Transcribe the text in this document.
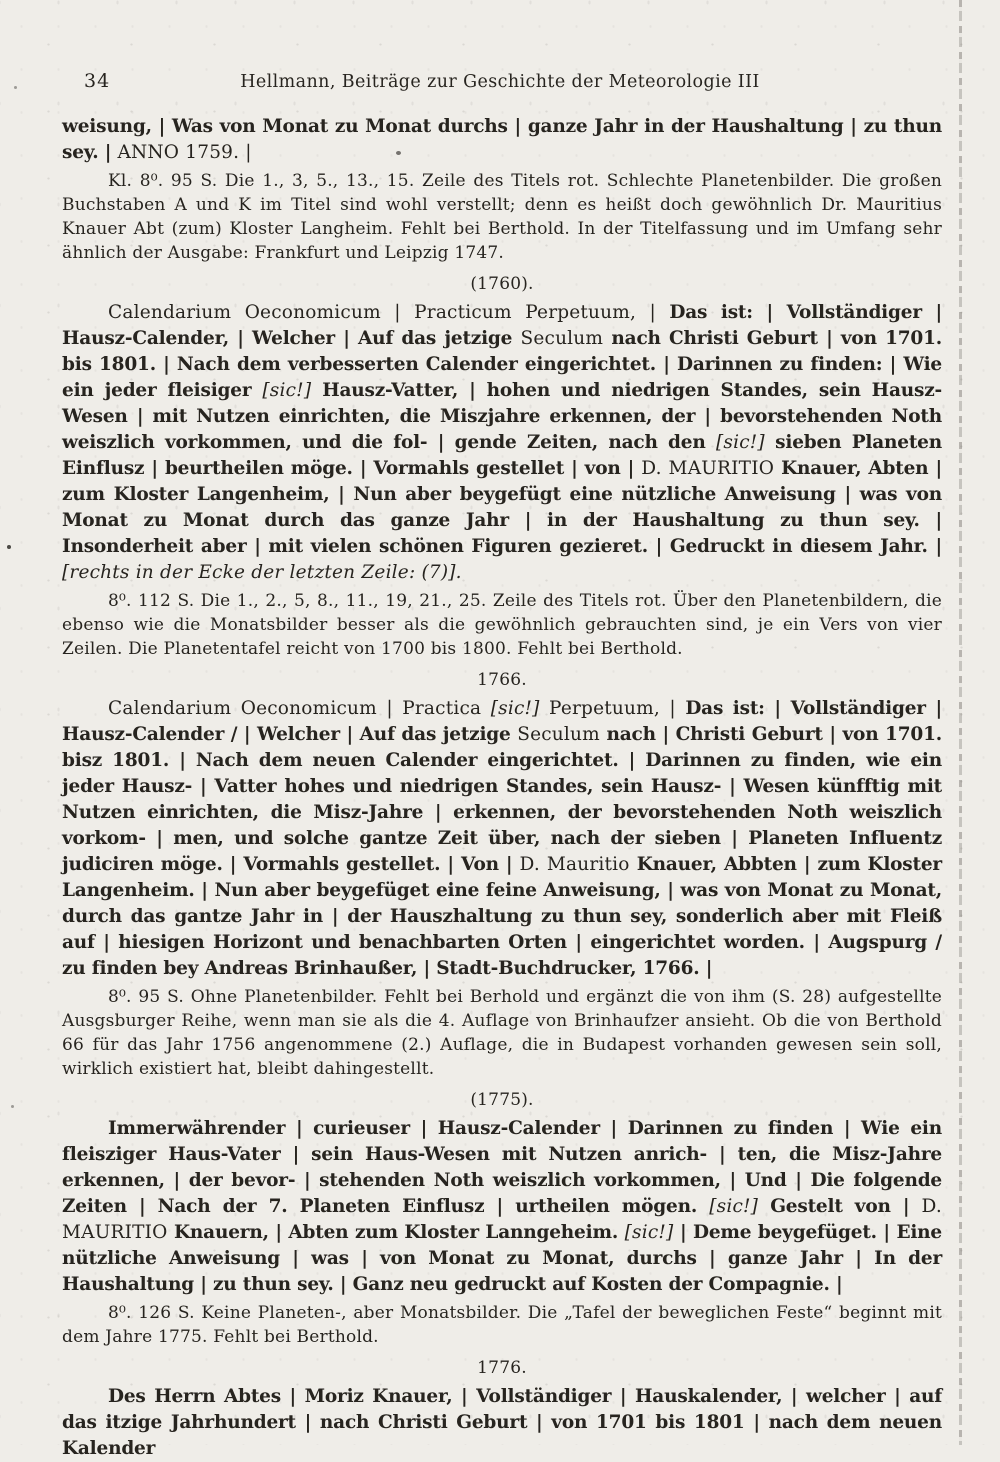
34	Hellmann, Beiträge zur Geschichte der Meteorologie III

weisung, | Was von Monat zu Monat durchs | ganze Jahr in der Haushaltung | zu thun sey. | ANNO 1759. |

Kl. 8⁰. 95 S. Die 1., 3, 5., 13., 15. Zeile des Titels rot. Schlechte Planetenbilder. Die großen Buchstaben A und K im Titel sind wohl verstellt; denn es heißt doch gewöhnlich Dr. Mauritius Knauer Abt (zum) Kloster Langheim. Fehlt bei Berthold. In der Titelfassung und im Umfang sehr ähnlich der Ausgabe: Frankfurt und Leipzig 1747.

(1760).

Calendarium Oeconomicum | Practicum Perpetuum, | Das ist: | Vollständiger | Hausz-Calender, | Welcher | Auf das jetzige Seculum nach Christi Geburt | von 1701. bis 1801. | Nach dem verbesserten Calender eingerichtet. | Darinnen zu finden: | Wie ein jeder fleisiger [sic!] Hausz-Vatter, | hohen und niedrigen Standes, sein Hausz-Wesen | mit Nutzen einrichten, die Miszjahre erkennen, der | bevorstehenden Noth weiszlich vorkommen, und die fol- | gende Zeiten, nach den [sic!] sieben Planeten Einflusz | beurtheilen möge. | Vormahls gestellet | von | D. MAURITIO Knauer, Abten | zum Kloster Langenheim, | Nun aber beygefügt eine nützliche Anweisung | was von Monat zu Monat durch das ganze Jahr | in der Haushaltung zu thun sey. | Insonderheit aber | mit vielen schönen Figuren gezieret. | Gedruckt in diesem Jahr. | [rechts in der Ecke der letzten Zeile: (7)].

8⁰. 112 S. Die 1., 2., 5, 8., 11., 19, 21., 25. Zeile des Titels rot. Über den Planetenbildern, die ebenso wie die Monatsbilder besser als die gewöhnlich gebrauchten sind, je ein Vers von vier Zeilen. Die Planetentafel reicht von 1700 bis 1800. Fehlt bei Berthold.

1766.

Calendarium Oeconomicum | Practica [sic!] Perpetuum, | Das ist: | Vollständiger | Hausz-Calender / | Welcher | Auf das jetzige Seculum nach | Christi Geburt | von 1701. bisz 1801. | Nach dem neuen Calender eingerichtet. | Darinnen zu finden, wie ein jeder Hausz- | Vatter hohes und niedrigen Standes, sein Hausz- | Wesen künfftig mit Nutzen einrichten, die Misz-Jahre | erkennen, der bevorstehenden Noth weiszlich vorkom- | men, und solche gantze Zeit über, nach der sieben | Planeten Influentz judiciren möge. | Vormahls gestellet. | Von | D. Mauritio Knauer, Abbten | zum Kloster Langenheim. | Nun aber beygefüget eine feine Anweisung, | was von Monat zu Monat, durch das gantze Jahr in | der Hauszhaltung zu thun sey, sonderlich aber mit Fleiß auf | hiesigen Horizont und benachbarten Orten | eingerichtet worden. | Augspurg / zu finden bey Andreas Brinhaußer, | Stadt-Buchdrucker, 1766. |

8⁰. 95 S. Ohne Planetenbilder. Fehlt bei Berhold und ergänzt die von ihm (S. 28) aufgestellte Ausgsburger Reihe, wenn man sie als die 4. Auflage von Brinhaufzer ansieht. Ob die von Berthold 66 für das Jahr 1756 angenommene (2.) Auflage, die in Budapest vorhanden gewesen sein soll, wirklich existiert hat, bleibt dahingestellt.

(1775).

Immerwährender | curieuser | Hausz-Calender | Darinnen zu finden | Wie ein fleisziger Haus-Vater | sein Haus-Wesen mit Nutzen anrich- | ten, die Misz-Jahre erkennen, | der bevor- | stehenden Noth weiszlich vorkommen, | Und | Die folgende Zeiten | Nach der 7. Planeten Einflusz | urtheilen mögen. [sic!] Gestelt von | D. MAURITIO Knauern, | Abten zum Kloster Lanngeheim. [sic!] | Deme beygefüget. | Eine nützliche Anweisung | was | von Monat zu Monat, durchs | ganze Jahr | In der Haushaltung | zu thun sey. | Ganz neu gedruckt auf Kosten der Compagnie. |

8⁰. 126 S. Keine Planeten-, aber Monatsbilder. Die „Tafel der beweglichen Feste“ beginnt mit dem Jahre 1775. Fehlt bei Berthold.

1776.

Des Herrn Abtes | Moriz Knauer, | Vollständiger | Hauskalender, | welcher | auf das itzige Jahrhundert | nach Christi Geburt | von 1701 bis 1801 | nach dem neuen Kalender
